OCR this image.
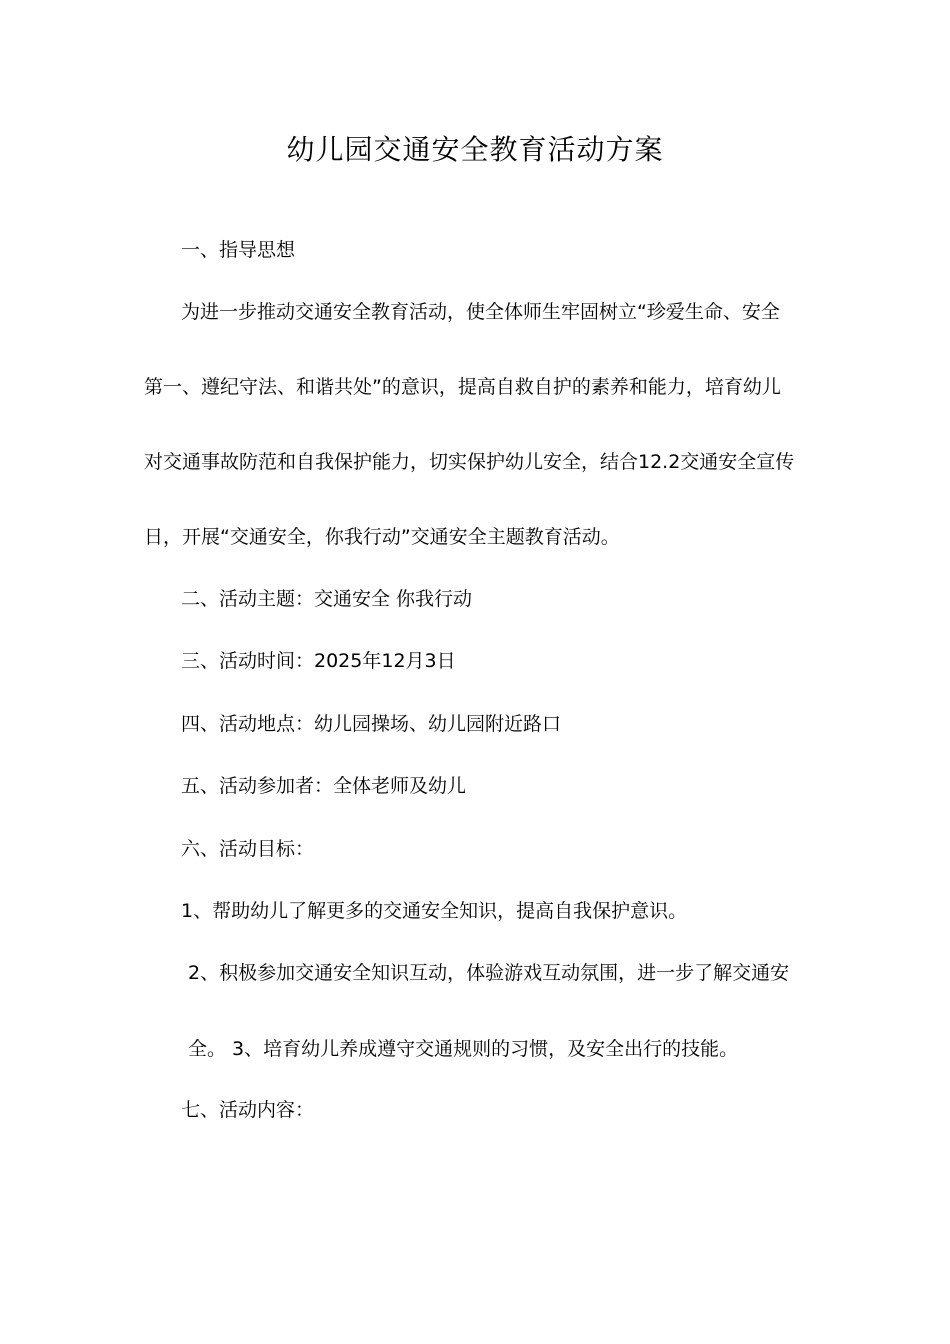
幼儿园交通安全教育活动方案
一、指导思想
为进一步推动交通安全教育活动，使全体师生牢固树立“珍爱生命、安全
第一、遵纪守法、和谐共处”的意识，提高自救自护的素养和能力，培育幼儿
对交通事故防范和自我保护能力，切实保护幼儿安全，结合12.2交通安全宣传
日，开展“交通安全，你我行动”交通安全主题教育活动。
二、活动主题：交通安全 你我行动
三、活动时间：2025年12月3日
四、活动地点：幼儿园操场、幼儿园附近路口
五、活动参加者：全体老师及幼儿
六、活动目标：
1、帮助幼儿了解更多的交通安全知识，提高自我保护意识。
2、积极参加交通安全知识互动，体验游戏互动氛围，进一步了解交通安
全。 3、培育幼儿养成遵守交通规则的习惯，及安全出行的技能。
七、活动内容：
